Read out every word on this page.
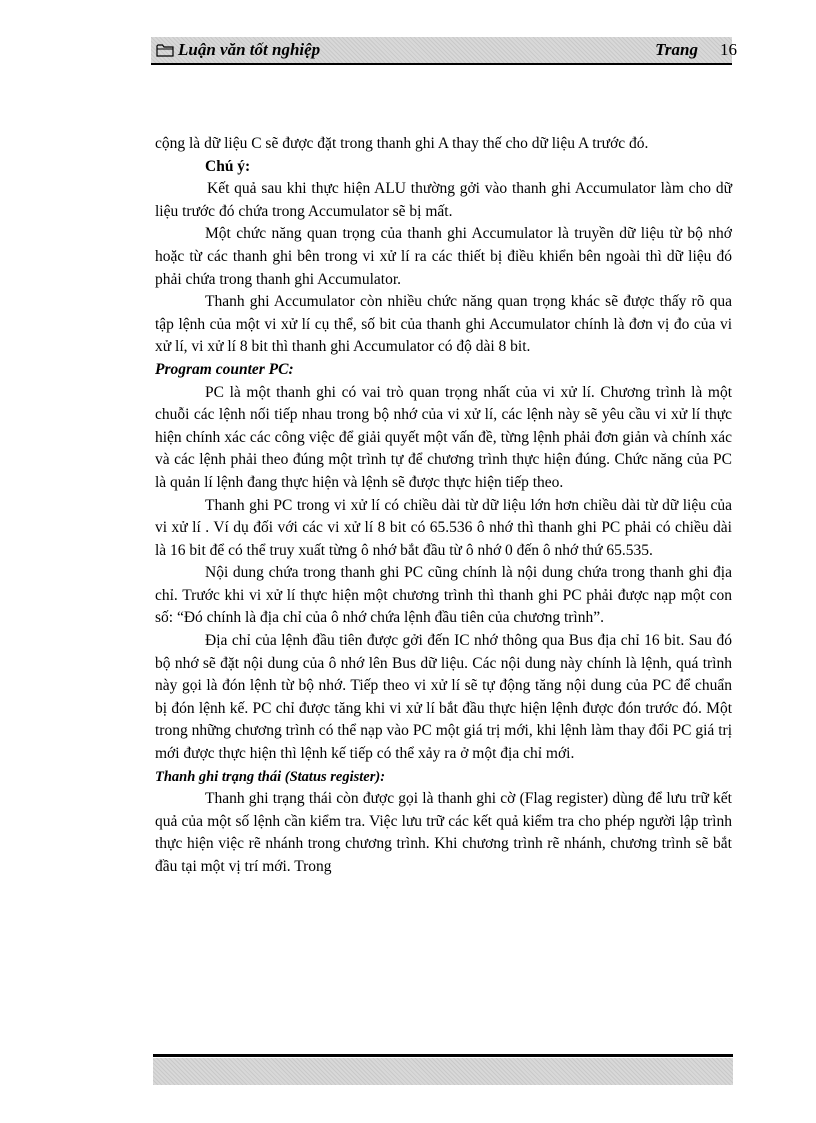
Luận văn tốt nghiệp	Trang 16

cộng là dữ liệu C sẽ được đặt trong thanh ghi A thay thế cho dữ liệu A trước đó.

Chú ý:

Kết quả sau khi thực hiện ALU thường gởi vào thanh ghi Accumulator làm cho dữ liệu trước đó chứa trong Accumulator sẽ bị mất.

Một chức năng quan trọng của thanh ghi Accumulator là truyền dữ liệu từ bộ nhớ hoặc từ các thanh ghi bên trong vi xử lí ra các thiết bị điều khiển bên ngoài thì dữ liệu đó phải chứa trong thanh ghi Accumulator.

Thanh ghi Accumulator còn nhiều chức năng quan trọng khác sẽ được thấy rõ qua tập lệnh của một vi xử lí cụ thể, số bit của thanh ghi Accumulator chính là đơn vị đo của vi xử lí, vi xử lí 8 bit thì thanh ghi Accumulator có độ dài 8 bit.

Program counter PC:

PC là một thanh ghi có vai trò quan trọng nhất của vi xử lí. Chương trình là một chuỗi các lệnh nối tiếp nhau trong bộ nhớ của vi xử lí, các lệnh này sẽ yêu cầu vi xử lí thực hiện chính xác các công việc để giải quyết một vấn đề, từng lệnh phải đơn giản và chính xác và các lệnh phải theo đúng một trình tự để chương trình thực hiện đúng. Chức năng của PC là quản lí lệnh đang thực hiện và lệnh sẽ được thực hiện tiếp theo.

Thanh ghi PC trong vi xử lí có chiều dài từ dữ liệu lớn hơn chiều dài từ dữ liệu của vi xử lí . Ví dụ đối với các vi xử lí 8 bit có 65.536 ô nhớ thì thanh ghi PC phải có chiều dài là 16 bit để có thể truy xuất từng ô nhớ bắt đầu từ ô nhớ 0 đến ô nhớ thứ 65.535.

Nội dung chứa trong thanh ghi PC cũng chính là nội dung chứa trong thanh ghi địa chỉ. Trước khi vi xử lí thực hiện một chương trình thì thanh ghi PC phải được nạp một con số: “Đó chính là địa chỉ của ô nhớ chứa lệnh đầu tiên của chương trình”.

Địa chỉ của lệnh đầu tiên được gởi đến IC nhớ thông qua Bus địa chỉ 16 bit. Sau đó bộ nhớ sẽ đặt nội dung của ô nhớ lên Bus dữ liệu. Các nội dung này chính là lệnh, quá trình này gọi là đón lệnh từ bộ nhớ. Tiếp theo vi xử lí sẽ tự động tăng nội dung của PC để chuẩn bị đón lệnh kế. PC chỉ được tăng khi vi xử lí bắt đầu thực hiện lệnh được đón trước đó. Một trong những chương trình có thể nạp vào PC một giá trị mới, khi lệnh làm thay đổi PC giá trị mới được thực hiện thì lệnh kế tiếp có thể xảy ra ở một địa chỉ mới.

Thanh ghi trạng thái (Status register):

Thanh ghi trạng thái còn được gọi là thanh ghi cờ (Flag register) dùng để lưu trữ kết quả của một số lệnh cần kiểm tra. Việc lưu trữ các kết quả kiểm tra cho phép người lập trình thực hiện việc rẽ nhánh trong chương trình. Khi chương trình rẽ nhánh, chương trình sẽ bắt đầu tại một vị trí mới. Trong
